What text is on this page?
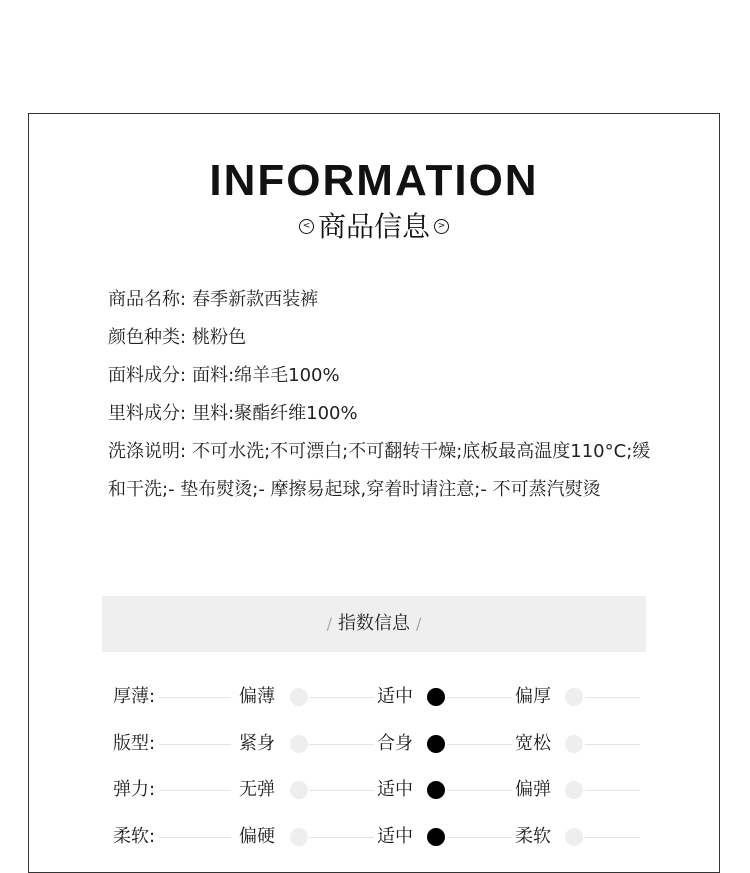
INFORMATION
< 商品信息 >
商品名称: 春季新款西装裤
颜色种类: 桃粉色
面料成分: 面料:绵羊毛100%
里料成分: 里料:聚酯纤维100%
洗涤说明: 不可水洗;不可漂白;不可翻转干燥;底板最高温度110°C;缓和干洗;- 垫布熨烫;- 摩擦易起球,穿着时请注意;- 不可蒸汽熨烫
/ 指数信息 /
厚薄:	偏薄	适中	偏厚
版型:	紧身	合身	宽松
弹力:	无弹	适中	偏弹
柔软:	偏硬	适中	柔软
